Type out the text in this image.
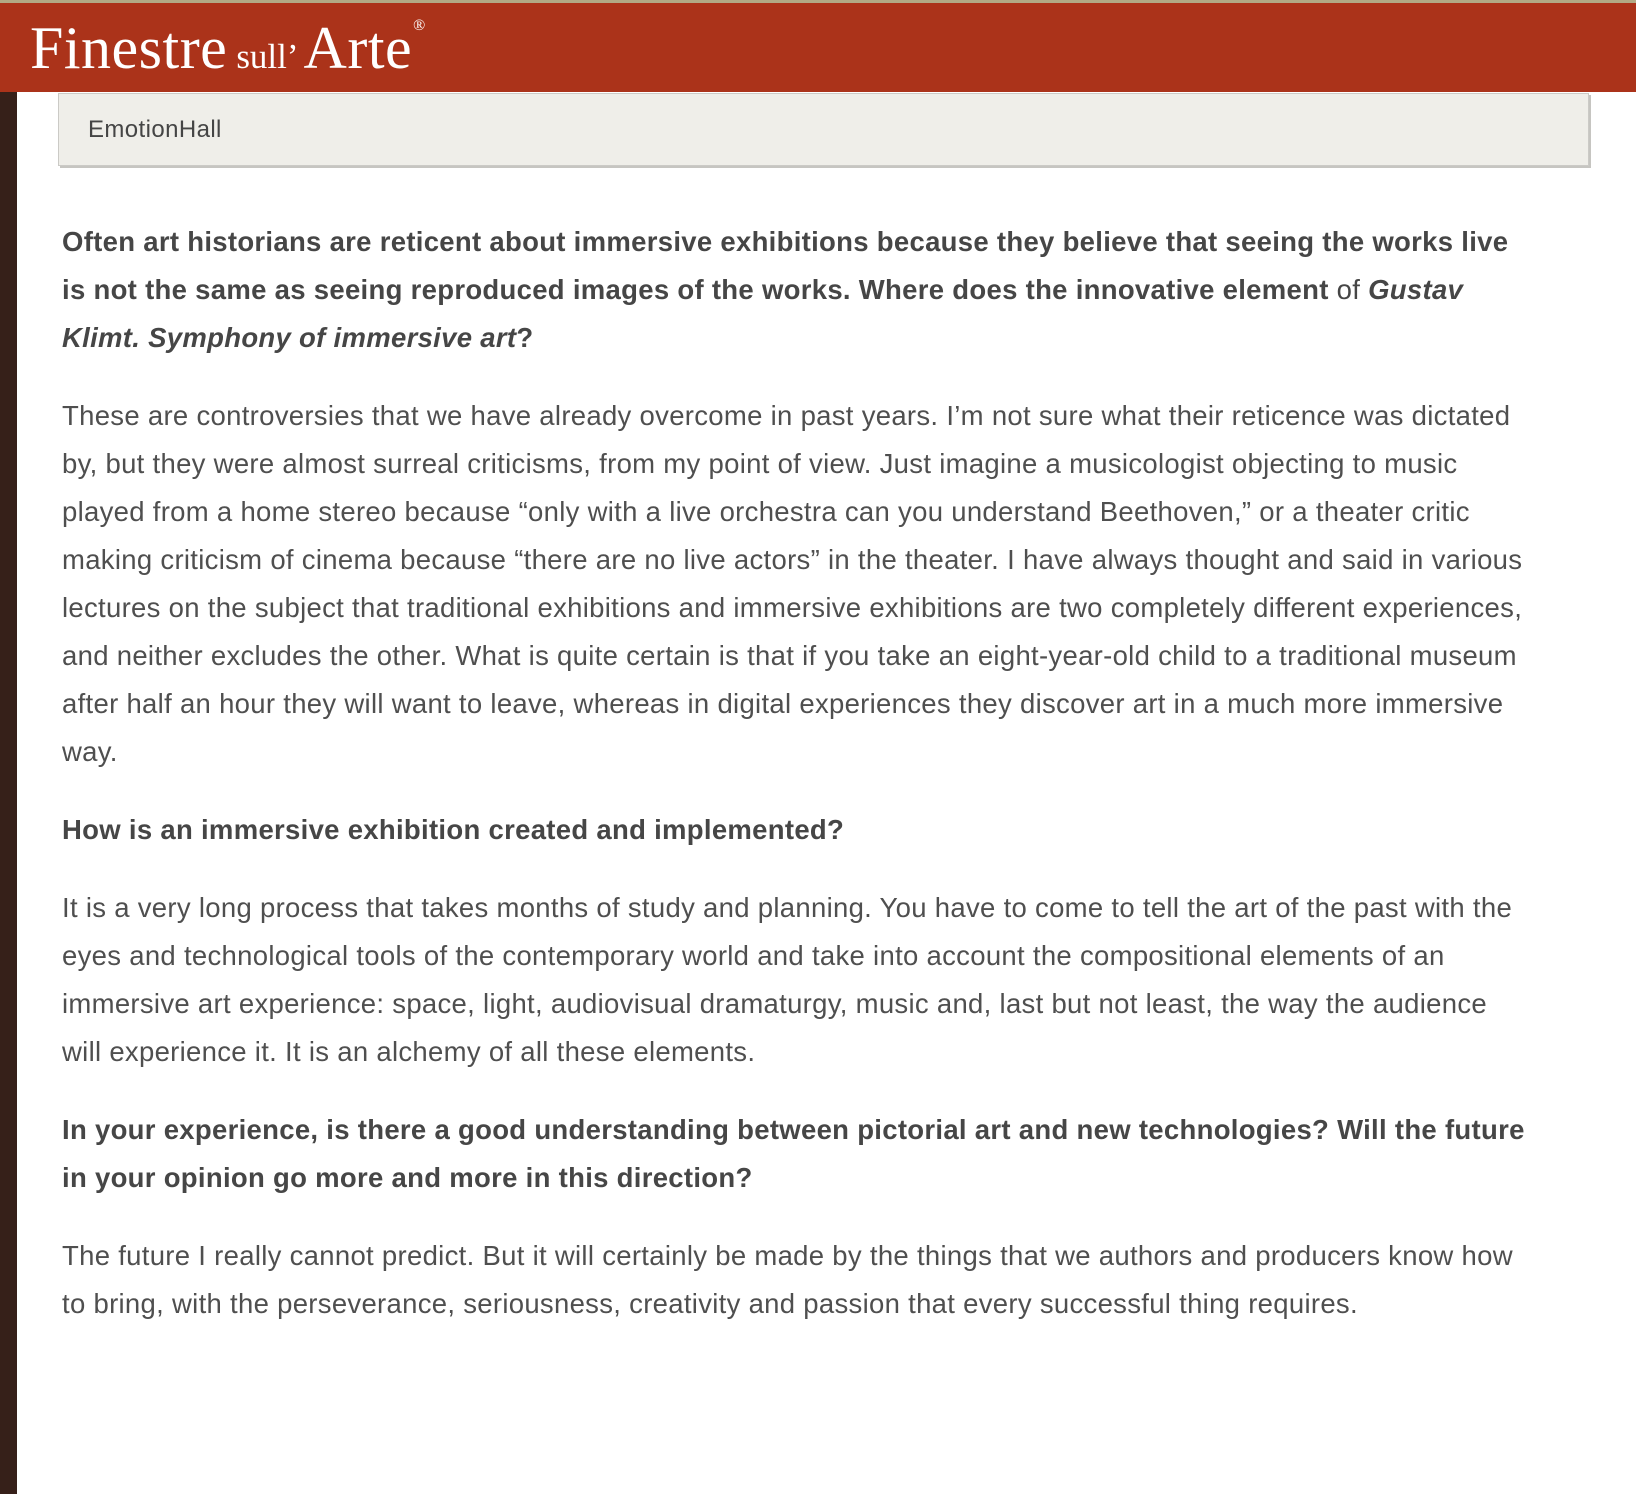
Finestre sull’ Arte ®
EmotionHall

Often art historians are reticent about immersive exhibitions because they believe that seeing the works live is not the same as seeing reproduced images of the works. Where does the innovative element of Gustav Klimt. Symphony of immersive art?

These are controversies that we have already overcome in past years. I’m not sure what their reticence was dictated by, but they were almost surreal criticisms, from my point of view. Just imagine a musicologist objecting to music played from a home stereo because “only with a live orchestra can you understand Beethoven,” or a theater critic making criticism of cinema because “there are no live actors” in the theater. I have always thought and said in various lectures on the subject that traditional exhibitions and immersive exhibitions are two completely different experiences, and neither excludes the other. What is quite certain is that if you take an eight-year-old child to a traditional museum after half an hour they will want to leave, whereas in digital experiences they discover art in a much more immersive way.

How is an immersive exhibition created and implemented?

It is a very long process that takes months of study and planning. You have to come to tell the art of the past with the eyes and technological tools of the contemporary world and take into account the compositional elements of an immersive art experience: space, light, audiovisual dramaturgy, music and, last but not least, the way the audience will experience it. It is an alchemy of all these elements.

In your experience, is there a good understanding between pictorial art and new technologies? Will the future in your opinion go more and more in this direction?

The future I really cannot predict. But it will certainly be made by the things that we authors and producers know how to bring, with the perseverance, seriousness, creativity and passion that every successful thing requires.
